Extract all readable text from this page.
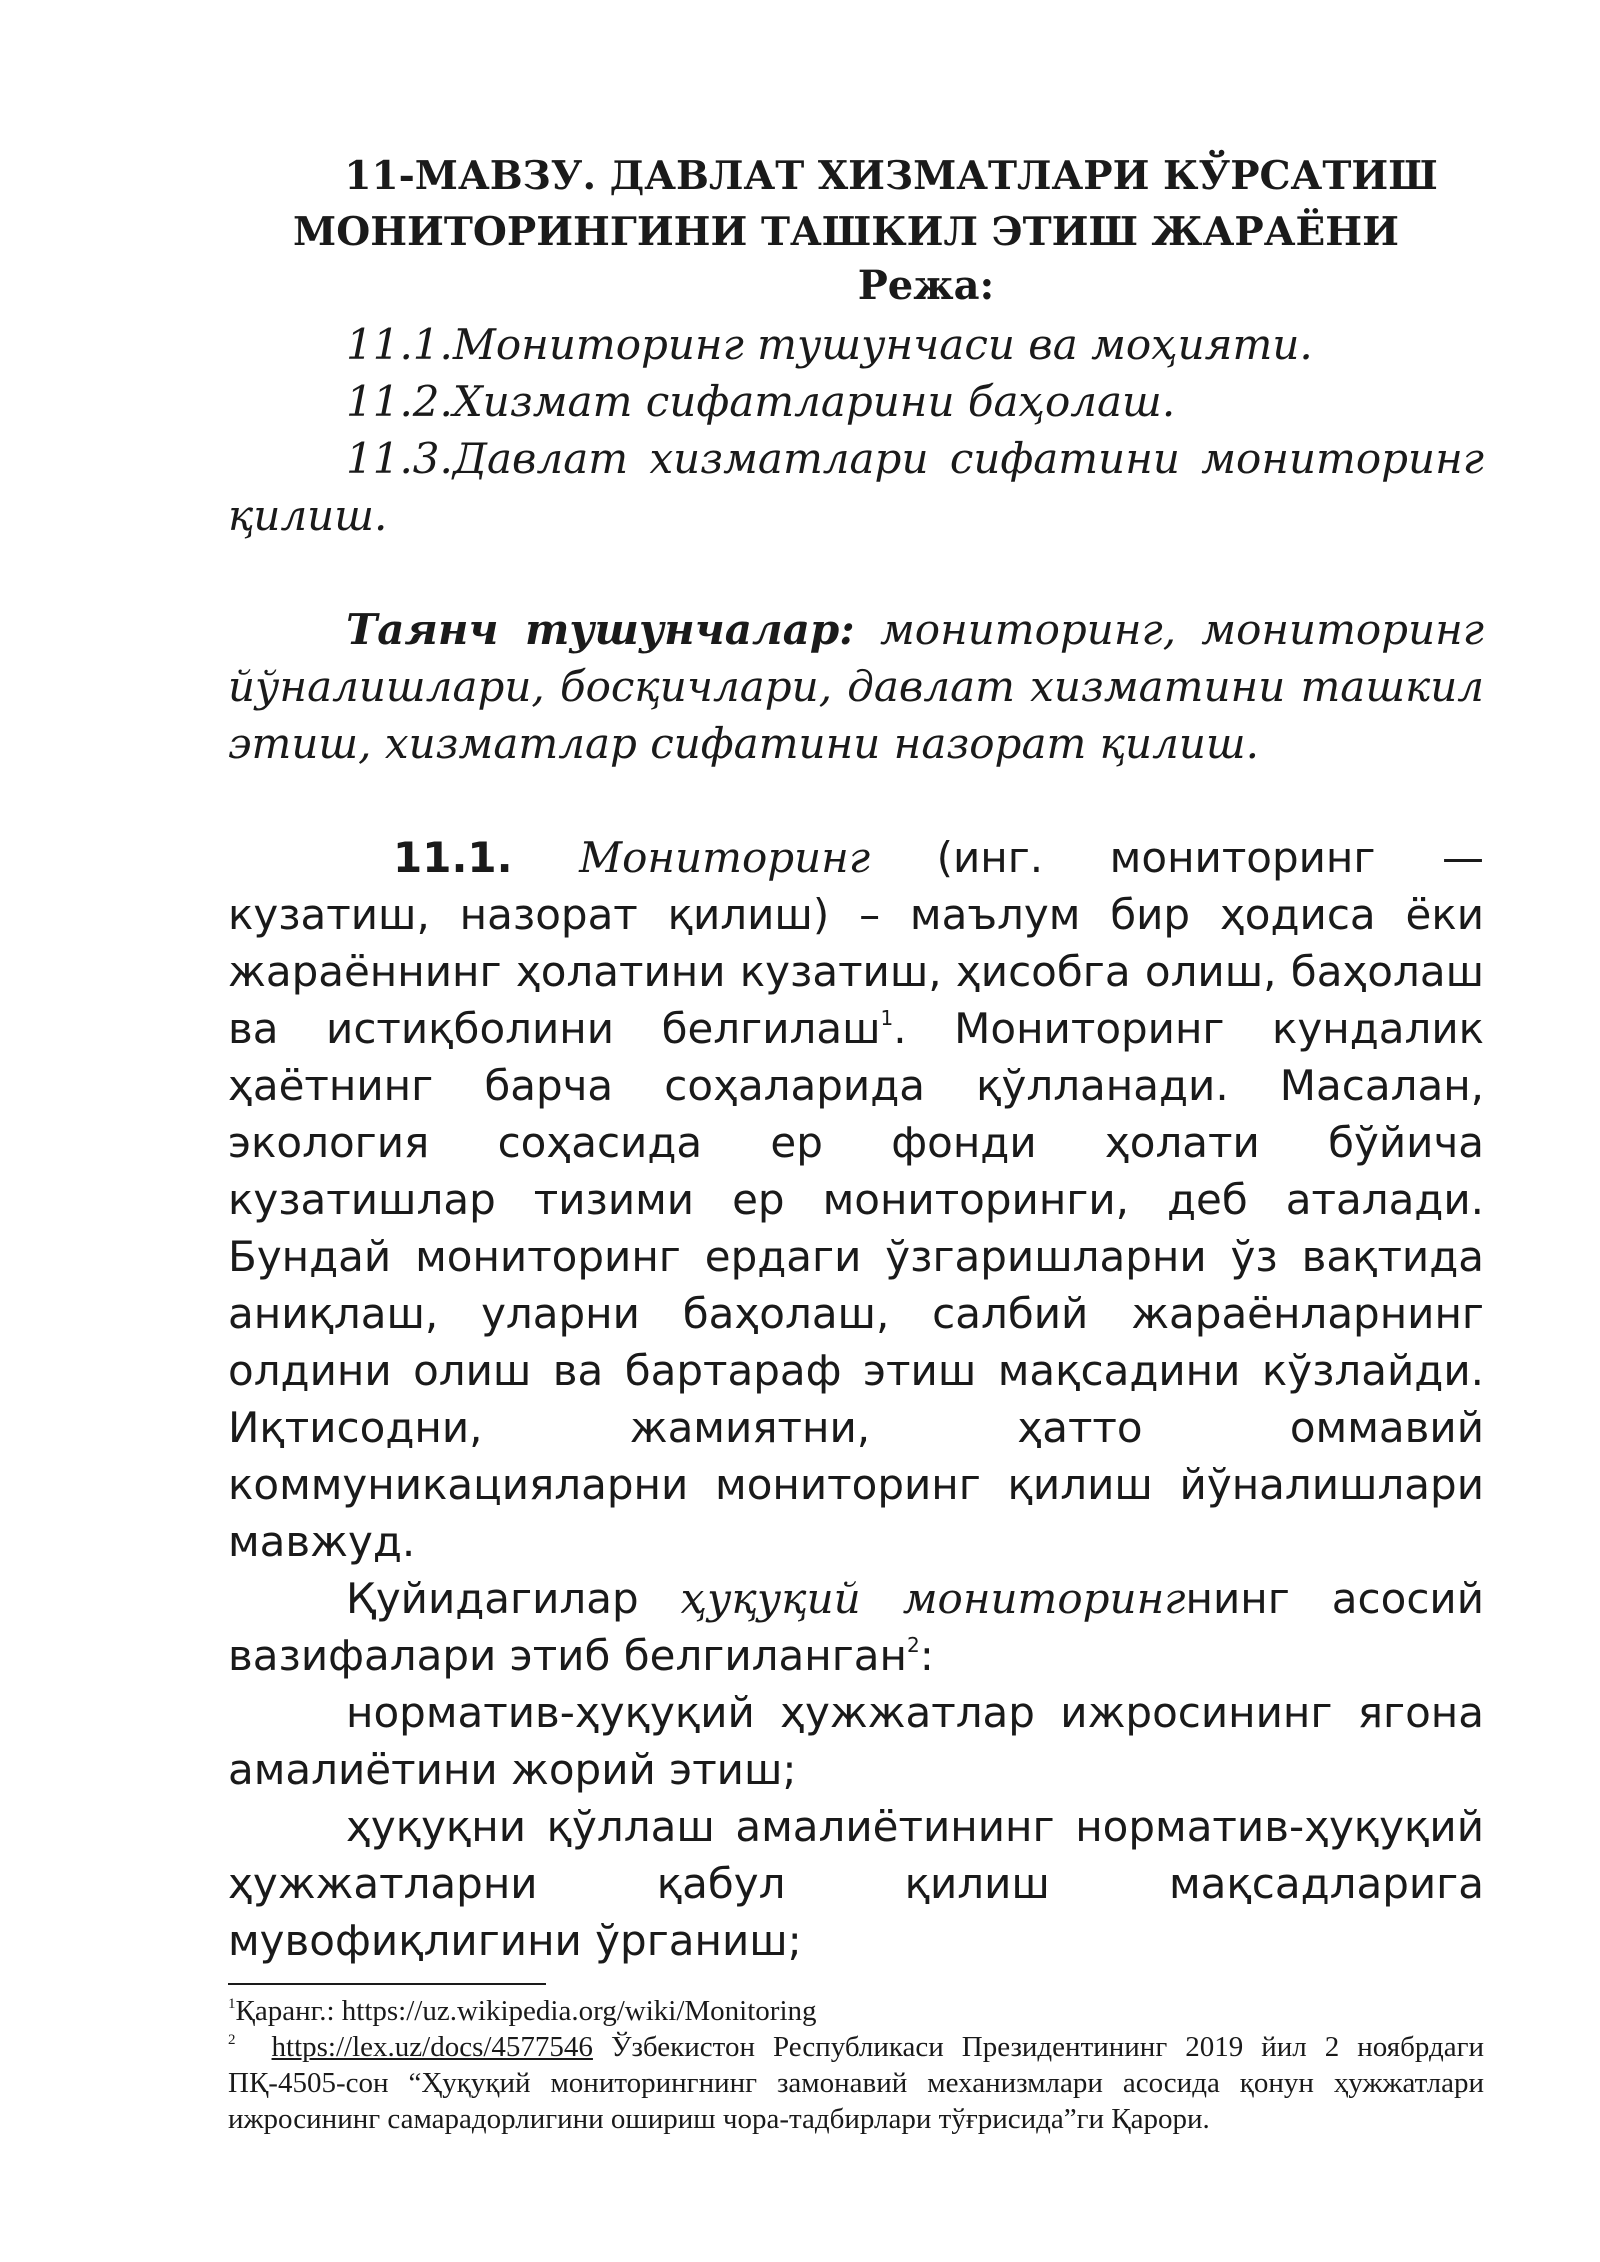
11-МАВЗУ. ДАВЛАТ ХИЗМАТЛАРИ КЎРСАТИШ
МОНИТОРИНГИНИ ТАШКИЛ ЭТИШ ЖАРАЁНИ
Режа:
11.1.Мониторинг тушунчаси ва моҳияти.
11.2.Хизмат сифатларини баҳолаш.
11.3.Давлат хизматлари сифатини мониторинг қилиш.

Таянч тушунчалар: мониторинг, мониторинг йўналишлари, босқичлари, давлат хизматини ташкил этиш, хизматлар сифатини назорат қилиш.

11.1. Мониторинг (инг. мониторинг — кузатиш, назорат қилиш) – маълум бир ҳодиса ёки жараённинг ҳолатини кузатиш, ҳисобга олиш, баҳолаш ва истиқболини белгилаш$^1$. Мониторинг кундалик ҳаётнинг барча соҳаларида қўлланади. Масалан, экология соҳасида ер фонди ҳолати бўйича кузатишлар тизими ер мониторинги, деб аталади. Бундай мониторинг ердаги ўзгаришларни ўз вақтида аниқлаш, уларни баҳолаш, салбий жараёнларнинг олдини олиш ва бартараф этиш мақсадини кўзлайди. Иқтисодни, жамиятни, ҳатто оммавий коммуникацияларни мониторинг қилиш йўналишлари мавжуд.

Қуйидагилар ҳуқуқий мониторингнинг асосий вазифалари этиб белгиланган$^2$:

норматив-ҳуқуқий ҳужжатлар ижросининг ягона амалиётини жорий этиш;

ҳуқуқни қўллаш амалиётининг норматив-ҳуқуқий ҳужжатларни қабул қилиш мақсадларига мувофиқлигини ўрганиш;

$^1$Қаранг.: https://uz.wikipedia.org/wiki/Monitoring

$^2$ https://lex.uz/docs/4577546 Ўзбекистон Республикаси Президентининг 2019 йил 2 ноябрдаги ПҚ-4505-сон “Ҳуқуқий мониторингнинг замонавий механизмлари асосида қонун ҳужжатлари ижросининг самарадорлигини ошириш чора-тадбирлари тўғрисида”ги Қарори.
